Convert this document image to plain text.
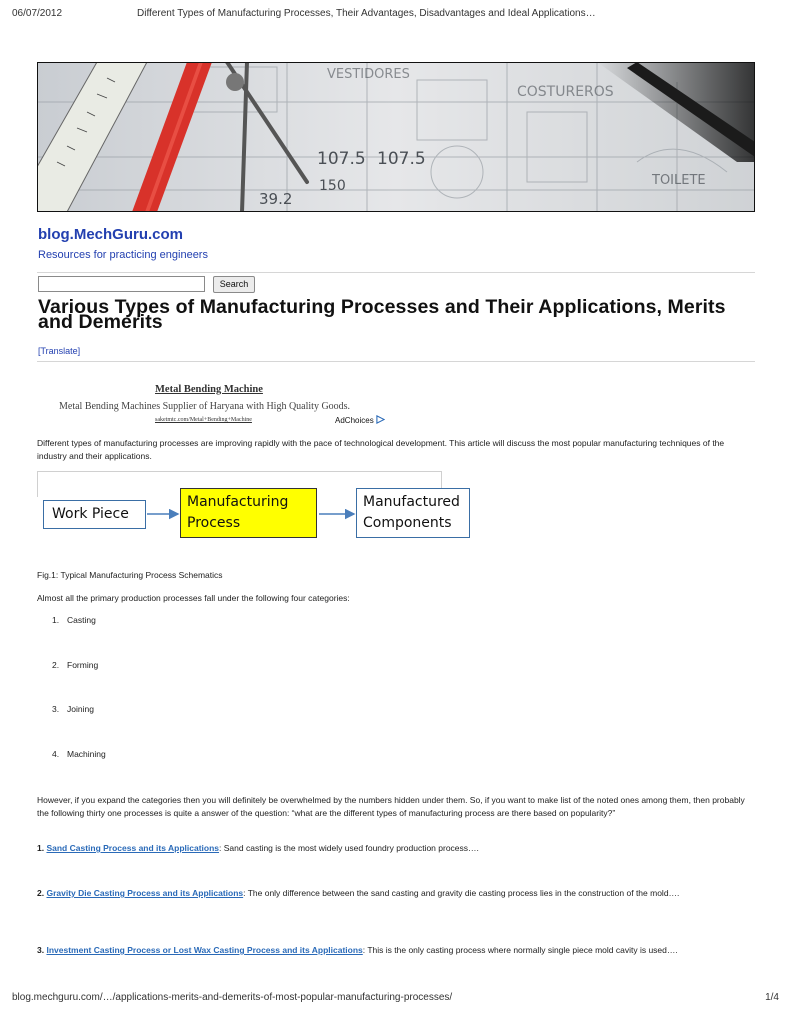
06/07/2012	Different Types of Manufacturing Processes, Their Advantages, Disadvantages and Ideal Applications…
VESTIDORES
COSTUREROS
107.5 107.5
150
39.2
TOILETE
blog.MechGuru.com
Resources for practicing engineers
Search
Various Types of Manufacturing Processes and Their Applications, Merits and Demerits
[Translate]
Metal Bending Machine
Metal Bending Machines Supplier of Haryana with High Quality Goods.
saketmtc.com/Metal+Bending+Machine	AdChoices

Different types of manufacturing processes are improving rapidly with the pace of technological development. This article will discuss the most popular manufacturing techniques of the industry and their applications.

Work Piece
Manufacturing
Process
Manufactured
Components
Fig.1: Typical Manufacturing Process Schematics
Almost all the primary production processes fall under the following four categories:
1. Casting
2. Forming
3. Joining
4. Machining

However, if you expand the categories then you will definitely be overwhelmed by the numbers hidden under them. So, if you want to make list of the noted ones among them, then probably the following thirty one processes is quite a answer of the question: “what are the different types of manufacturing process are there based on popularity?”

1. Sand Casting Process and its Applications: Sand casting is the most widely used foundry production process….
2. Gravity Die Casting Process and its Applications: The only difference between the sand casting and gravity die casting process lies in the construction of the mold….
3. Investment Casting Process or Lost Wax Casting Process and its Applications: This is the only casting process where normally single piece mold cavity is used….
blog.mechguru.com/…/applications-merits-and-demerits-of-most-popular-manufacturing-processes/	1/4
